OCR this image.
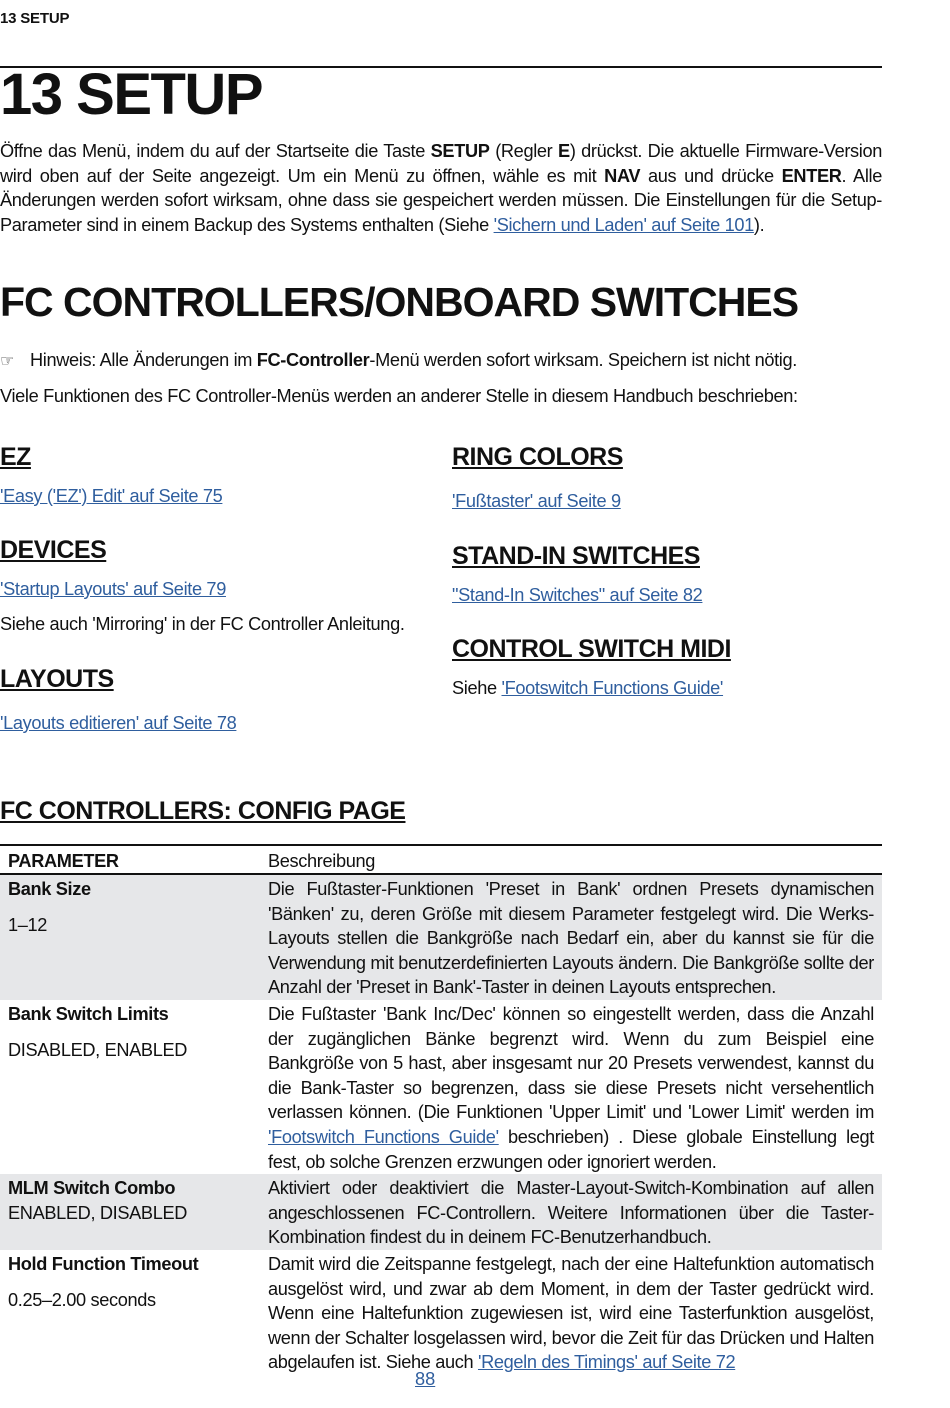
13 SETUP
13 SETUP

Öffne das Menü, indem du auf der Startseite die Taste SETUP (Regler E) drückst. Die aktuelle Firmware-Version wird oben auf der Seite angezeigt. Um ein Menü zu öffnen, wähle es mit NAV aus und drücke ENTER. Alle Änderungen werden sofort wirksam, ohne dass sie gespeichert werden müssen. Die Einstellungen für die Setup-Parameter sind in einem Backup des Systems enthalten (Siehe 'Sichern und Laden' auf Seite 101).

FC CONTROLLERS/ONBOARD SWITCHES

☞ Hinweis: Alle Änderungen im FC-Controller-Menü werden sofort wirksam. Speichern ist nicht nötig.

Viele Funktionen des FC Controller-Menüs werden an anderer Stelle in diesem Handbuch beschrieben:

EZ
'Easy ('EZ') Edit' auf Seite 75
DEVICES
'Startup Layouts' auf Seite 79

Siehe auch 'Mirroring' in der FC Controller Anleitung.

LAYOUTS
'Layouts editieren' auf Seite 78
RING COLORS
'Fußtaster' auf Seite 9
STAND-IN SWITCHES
"Stand-In Switches" auf Seite 82
CONTROL SWITCH MIDI

Siehe 'Footswitch Functions Guide'

FC CONTROLLERS: CONFIG PAGE
PARAMETER	Beschreibung

Bank Size
1–12	Die Fußtaster-Funktionen 'Preset in Bank' ordnen Presets dynamischen 'Bänken' zu, deren Größe mit diesem Parameter festgelegt wird. Die Werks-Layouts stellen die Bankgröße nach Bedarf ein, aber du kannst sie für die Verwendung mit benutzerdefinierten Layouts ändern. Die Bankgröße sollte der Anzahl der 'Preset in Bank'-Taster in deinen Layouts entsprechen.

Bank Switch Limits
DISABLED, ENABLED	Die Fußtaster 'Bank Inc/Dec' können so eingestellt werden, dass die Anzahl der zugänglichen Bänke begrenzt wird. Wenn du zum Beispiel eine Bankgröße von 5 hast, aber insgesamt nur 20 Presets verwendest, kannst du die Bank-Taster so begrenzen, dass sie diese Presets nicht versehentlich verlassen können. (Die Funktionen 'Upper Limit' und 'Lower Limit' werden im 'Footswitch Functions Guide' beschrieben) . Diese globale Einstellung legt fest, ob solche Grenzen erzwungen oder ignoriert werden.

MLM Switch Combo
ENABLED, DISABLED	Aktiviert oder deaktiviert die Master-Layout-Switch-Kombination auf allen angeschlossenen FC-Controllern. Weitere Informationen über die Taster-Kombination findest du in deinem FC-Benutzerhandbuch.

Hold Function Timeout
0.25–2.00 seconds	Damit wird die Zeitspanne festgelegt, nach der eine Haltefunktion automatisch ausgelöst wird, und zwar ab dem Moment, in dem der Taster gedrückt wird. Wenn eine Haltefunktion zugewiesen ist, wird eine Tasterfunktion ausgelöst, wenn der Schalter losgelassen wird, bevor die Zeit für das Drücken und Halten abgelaufen ist. Siehe auch 'Regeln des Timings' auf Seite 72
88
